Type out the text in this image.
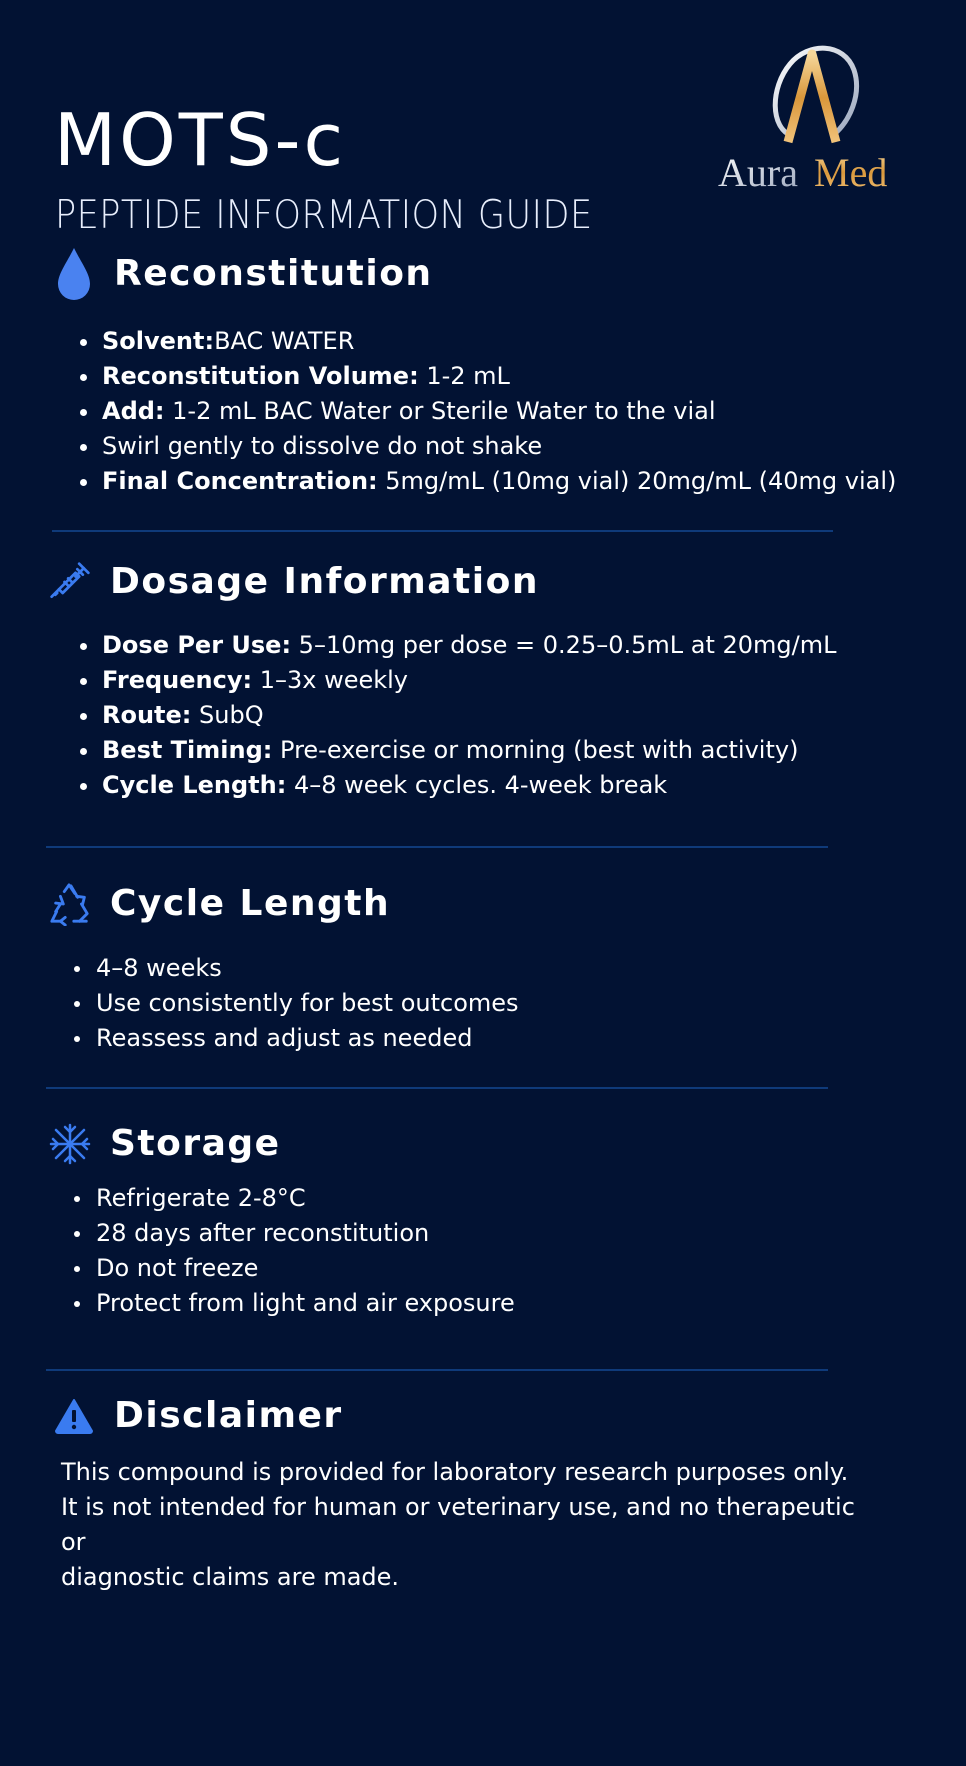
MOTS-c

PEPTIDE INFORMATION GUIDE

Aura Med
Reconstitution
Solvent:BAC WATER
Reconstitution Volume: 1-2 mL
Add: 1-2 mL BAC Water or Sterile Water to the vial
Swirl gently to dissolve do not shake
Final Concentration: 5mg/mL (10mg vial) 20mg/mL (40mg vial)
Dosage Information
Dose Per Use: 5–10mg per dose = 0.25–0.5mL at 20mg/mL
Frequency: 1–3x weekly
Route: SubQ
Best Timing: Pre-exercise or morning (best with activity)
Cycle Length: 4–8 week cycles. 4-week break
Cycle Length
4–8 weeks
Use consistently for best outcomes
Reassess and adjust as needed
Storage
Refrigerate 2-8°C
28 days after reconstitution
Do not freeze
Protect from light and air exposure
Disclaimer
This compound is provided for laboratory research purposes only.
It is not intended for human or veterinary use, and no therapeutic or
diagnostic claims are made.
